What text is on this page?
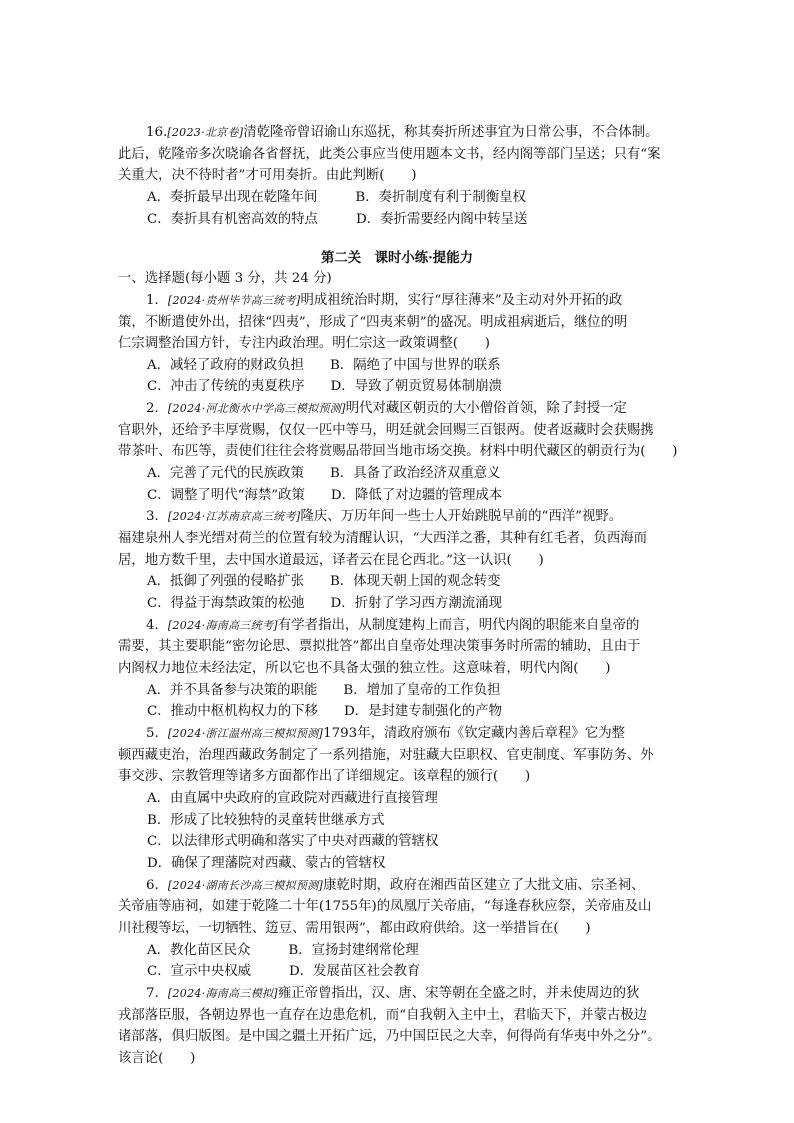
16.[2023·北京卷]清乾隆帝曾诏谕山东巡抚，称其奏折所述事宜为日常公事，不合体制。
此后，乾隆帝多次晓谕各省督抚，此类公事应当使用题本文书，经内阁等部门呈送；只有“案
关重大，决不待时者”才可用奏折。由此判断(　　)
A．奏折最早出现在乾隆年间	B．奏折制度有利于制衡皇权
C．奏折具有机密高效的特点	D．奏折需要经内阁中转呈送
第二关　课时小练·提能力
一、选择题(每小题 3 分，共 24 分)
1．[2024·贵州毕节高三统考]明成祖统治时期，实行“厚往薄来”及主动对外开拓的政
策，不断遣使外出，招徕“四夷”，形成了“四夷来朝”的盛况。明成祖病逝后，继位的明
仁宗调整治国方针，专注内政治理。明仁宗这一政策调整(　　)
A．减轻了政府的财政负担 B．隔绝了中国与世界的联系
C．冲击了传统的夷夏秩序 D．导致了朝贡贸易体制崩溃
2．[2024·河北衡水中学高三模拟预测]明代对藏区朝贡的大小僧俗首领，除了封授一定
官职外，还给予丰厚赏赐，仅仅一匹中等马，明廷就会回赐三百银两。使者返藏时会获赐携
带茶叶、布匹等，责使们往往会将赏赐品带回当地市场交换。材料中明代藏区的朝贡行为(　　)
A．完善了元代的民族政策 B．具备了政治经济双重意义
C．调整了明代“海禁”政策 D．降低了对边疆的管理成本
3．[2024·江苏南京高三统考]隆庆、万历年间一些士人开始跳脱早前的“西洋”视野。
福建泉州人李光缙对荷兰的位置有较为清醒认识，“大西洋之番，其种有红毛者，负西海而
居，地方数千里，去中国水道最远，译者云在昆仑西北。”这一认识(　　)
A．抵御了列强的侵略扩张 B．体现天朝上国的观念转变
C．得益于海禁政策的松弛 D．折射了学习西方潮流涌现
4．[2024·海南高三统考]有学者指出，从制度建构上而言，明代内阁的职能来自皇帝的
需要，其主要职能“密勿论思、票拟批答”都出自皇帝处理决策事务时所需的辅助，且由于
内阁权力地位未经法定，所以它也不具备太强的独立性。这意味着，明代内阁(　　)
A．并不具备参与决策的职能 B．增加了皇帝的工作负担
C．推动中枢机构权力的下移 D．是封建专制强化的产物
5．[2024·浙江温州高三模拟预测]1793年，清政府颁布《钦定藏内善后章程》它为整
顿西藏吏治，治理西藏政务制定了一系列措施，对驻藏大臣职权、官吏制度、军事防务、外
事交涉、宗教管理等诸多方面都作出了详细规定。该章程的颁行(　　)
A．由直属中央政府的宣政院对西藏进行直接管理
B．形成了比较独特的灵童转世继承方式
C．以法律形式明确和落实了中央对西藏的管辖权
D．确保了理藩院对西藏、蒙古的管辖权
6．[2024·湖南长沙高三模拟预测]康乾时期，政府在湘西苗区建立了大批文庙、宗圣祠、
关帝庙等庙祠，如建于乾隆二十年(1755年)的凤凰厅关帝庙，“每逢春秋应祭，关帝庙及山
川社稷等坛，一切牺牲、笾豆、需用银两”，都由政府供给。这一举措旨在(　　)
A．教化苗区民众	B．宣扬封建纲常伦理
C．宣示中央权威	D．发展苗区社会教育
7．[2024·海南高三模拟]雍正帝曾指出，汉、唐、宋等朝在全盛之时，并未使周边的狄
戎部落臣服，各朝边界也一直存在边患危机，而“自我朝入主中土，君临天下，并蒙古极边
诸部落，俱归版图。是中国之疆土开拓广远，乃中国臣民之大幸，何得尚有华夷中外之分”。
该言论(　　)
